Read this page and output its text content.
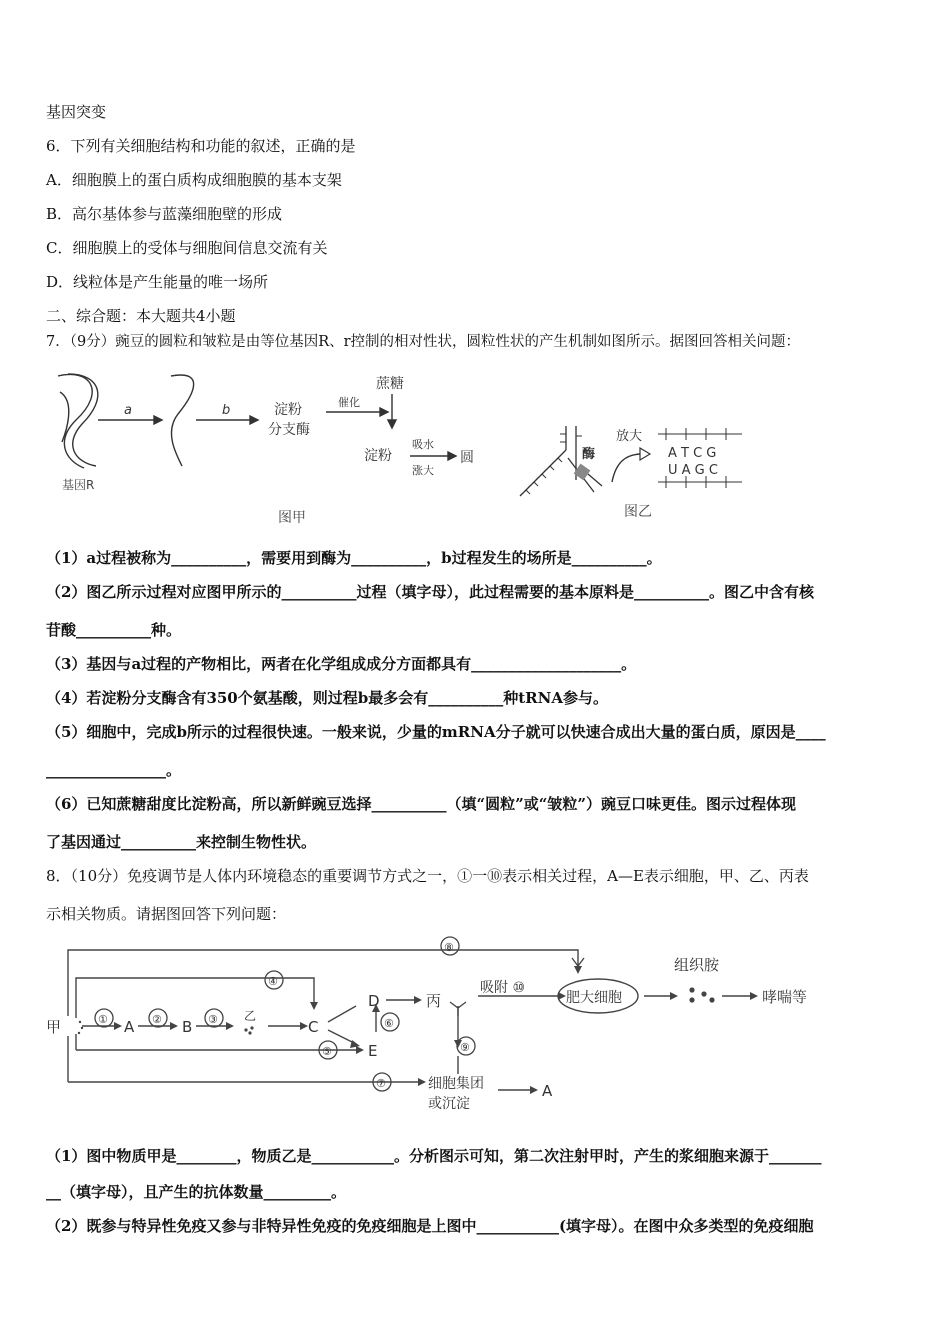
基因突变
6．下列有关细胞结构和功能的叙述，正确的是
A．细胞膜上的蛋白质构成细胞膜的基本支架
B．高尔基体参与蓝藻细胞壁的形成
C．细胞膜上的受体与细胞间信息交流有关
D．线粒体是产生能量的唯一场所
二、综合题：本大题共4小题
7．（9分）豌豆的圆粒和皱粒是由等位基因R、r控制的相对性状，圆粒性状的产生机制如图所示。据图回答相关问题：
基因R
a	b	淀粉
分支酶
催化
蔗糖
淀粉
吸水
涨大
圆
图甲
酶
放大
A T C G
U A G C
图乙
（1）a过程被称为__________，需要用到酶为__________，b过程发生的场所是__________。
（2）图乙所示过程对应图甲所示的__________过程（填字母），此过程需要的基本原料是__________。图乙中含有核
苷酸__________种。
（3）基因与a过程的产物相比，两者在化学组成成分方面都具有____________________。
（4）若淀粉分支酶含有350个氨基酸，则过程b最多会有__________种tRNA参与。
（5）细胞中，完成b所示的过程很快速。一般来说，少量的mRNA分子就可以快速合成出大量的蛋白质，原因是____
________________。
（6）已知蔗糖甜度比淀粉高，所以新鲜豌豆选择__________（填“圆粒”或“皱粒”）豌豆口味更佳。图示过程体现
了基因通过__________来控制生物性状。
8．（10分）免疫调节是人体内环境稳态的重要调节方式之一，①一⑩表示相关过程，A—E表示细胞，甲、乙、丙表
示相关物质。请据图回答下列问题：
甲
⑧
④
①	②	③
⑤
⑦
⑥
⑨
A	B
乙
C
D
E
丙
吸附 ⑩
肥大细胞
组织胺
哮喘等
细胞集团
或沉淀
A
（1）图中物质甲是________，物质乙是___________。分析图示可知，第二次注射甲时，产生的浆细胞来源于_______
__（填字母），且产生的抗体数量_________。
（2）既参与特异性免疫又参与非特异性免疫的免疫细胞是上图中___________(填字母）。在图中众多类型的免疫细胞
